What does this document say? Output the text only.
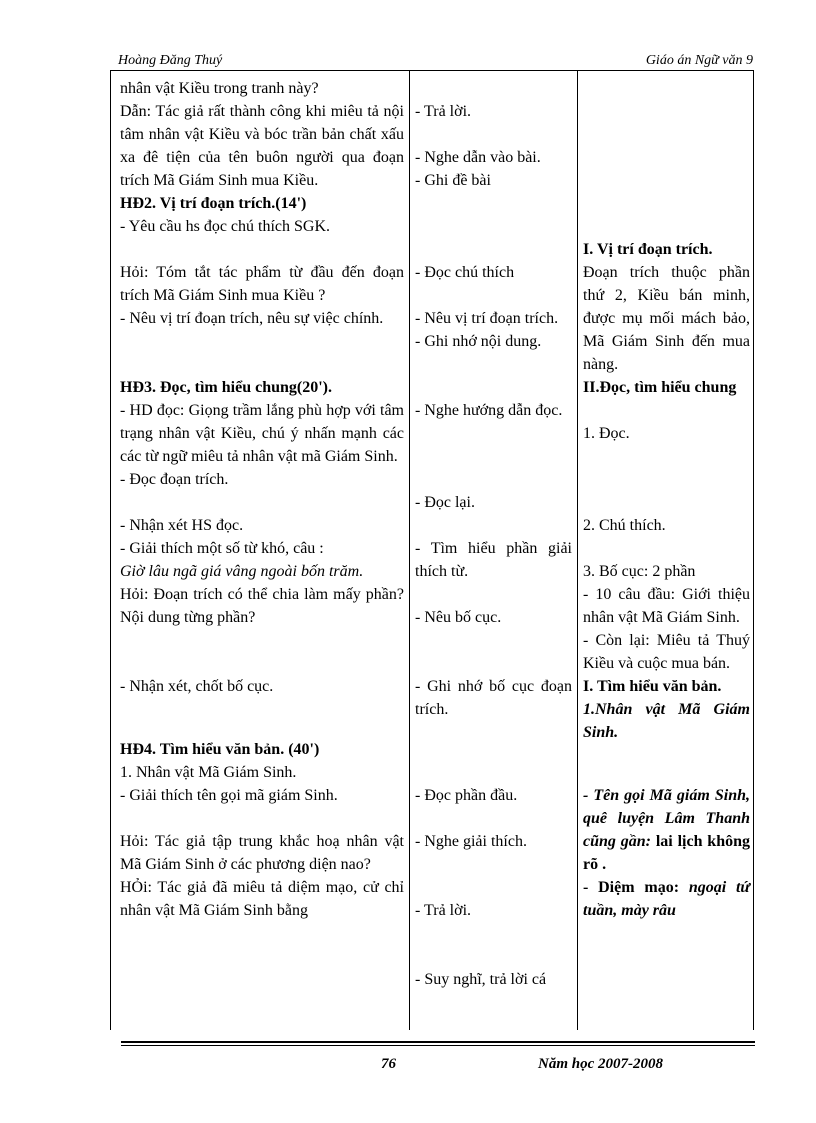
Hoàng Đăng Thuý	Giáo án Ngữ văn 9

nhân vật Kiều trong tranh này?

Dẫn: Tác giả rất thành công khi miêu tả nội tâm nhân vật Kiều và bóc trần bản chất xấu xa đê tiện của tên buôn người qua đoạn trích Mã Giám Sinh mua Kiều.

HĐ2. Vị trí đoạn trích.(14')

- Yêu cầu hs đọc chú thích SGK.

Hỏi: Tóm tắt tác phẩm từ đầu đến đoạn trích Mã Giám Sinh mua Kiều ?

- Nêu vị trí đoạn trích, nêu sự việc chính.

HĐ3. Đọc, tìm hiểu chung(20').

- HD đọc: Giọng trầm lắng phù hợp với tâm trạng nhân vật Kiều, chú ý nhấn mạnh các các từ ngữ miêu tả nhân vật mã Giám Sinh.

- Đọc đoạn trích.

- Nhận xét HS đọc.

- Giải thích một số từ khó, câu :

Giờ lâu ngã giá vâng ngoài bốn trăm.

Hỏi: Đoạn trích có thể chia làm mấy phần? Nội dung từng phần?

- Nhận xét, chốt bố cục.

HĐ4. Tìm hiểu văn bản. (40')

1. Nhân vật Mã Giám Sinh.

- Giải thích tên gọi mã giám Sinh.

Hỏi: Tác giả tập trung khắc hoạ nhân vật Mã Giám Sinh ở các phương diện nao?

HỎi: Tác giả đã miêu tả diệm mạo, cử chỉ nhân vật Mã Giám Sinh bằng

- Trả lời.

- Nghe dẫn vào bài.

- Ghi đề bài

- Đọc chú thích

- Nêu vị trí đoạn trích.

- Ghi nhớ nội dung.

- Nghe hướng dẫn đọc.

- Đọc lại.

- Tìm hiểu phần giải thích từ.

- Nêu bố cục.

- Ghi nhớ bố cục đoạn trích.

- Đọc phần đầu.

- Nghe giải thích.

- Trả lời.

- Suy nghĩ, trả lời cá

I. Vị trí đoạn trích.

Đoạn trích thuộc phần thứ 2, Kiều bán minh, được mụ mối mách bảo, Mã Giám Sinh đến mua nàng.

II.Đọc, tìm hiểu chung

1. Đọc.

2. Chú thích.

3. Bố cục: 2 phần

- 10 câu đầu: Giới thiệu nhân vật Mã Giám Sinh.

- Còn lại: Miêu tả Thuý Kiều và cuộc mua bán.

I. Tìm hiểu văn bản.

1.Nhân vật Mã Giám Sinh.

- Tên gọi Mã giám Sinh, quê luyện Lâm Thanh cũng gần: lai lịch không rõ .

- Diệm mạo: ngoại tứ tuần, mày râu

76	Năm học 2007-2008
